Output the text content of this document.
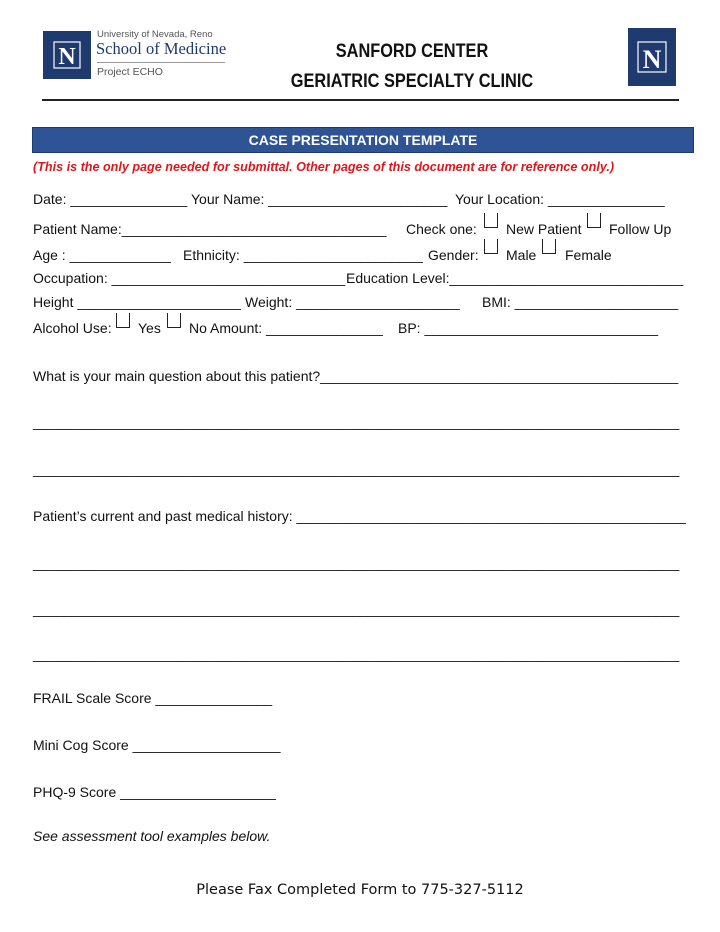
N
University of Nevada, Reno
School of Medicine
Project ECHO
SANFORD CENTER
GERIATRIC SPECIALTY CLINIC
N
CASE PRESENTATION TEMPLATE
(This is the only page needed for submittal. Other pages of this document are for reference only.)
Date: _______________ Your Name: _______________________ Your Location: _______________
Patient Name:__________________________________ Check one: New Patient Follow Up
Age : _____________ Ethnicity: _______________________ Gender: Male Female
Occupation: ______________________________ Education Level:______________________________
Height _____________________ Weight: _____________________ BMI: _____________________
Alcohol Use: Yes No Amount: _______________ BP: ______________________________
What is your main question about this patient?______________________________________________
___________________________________________________________________________________
___________________________________________________________________________________
Patient’s current and past medical history: __________________________________________________
___________________________________________________________________________________
___________________________________________________________________________________
___________________________________________________________________________________
FRAIL Scale Score _______________
Mini Cog Score ___________________
PHQ-9 Score ____________________
See assessment tool examples below.
Please Fax Completed Form to 775-327-5112
